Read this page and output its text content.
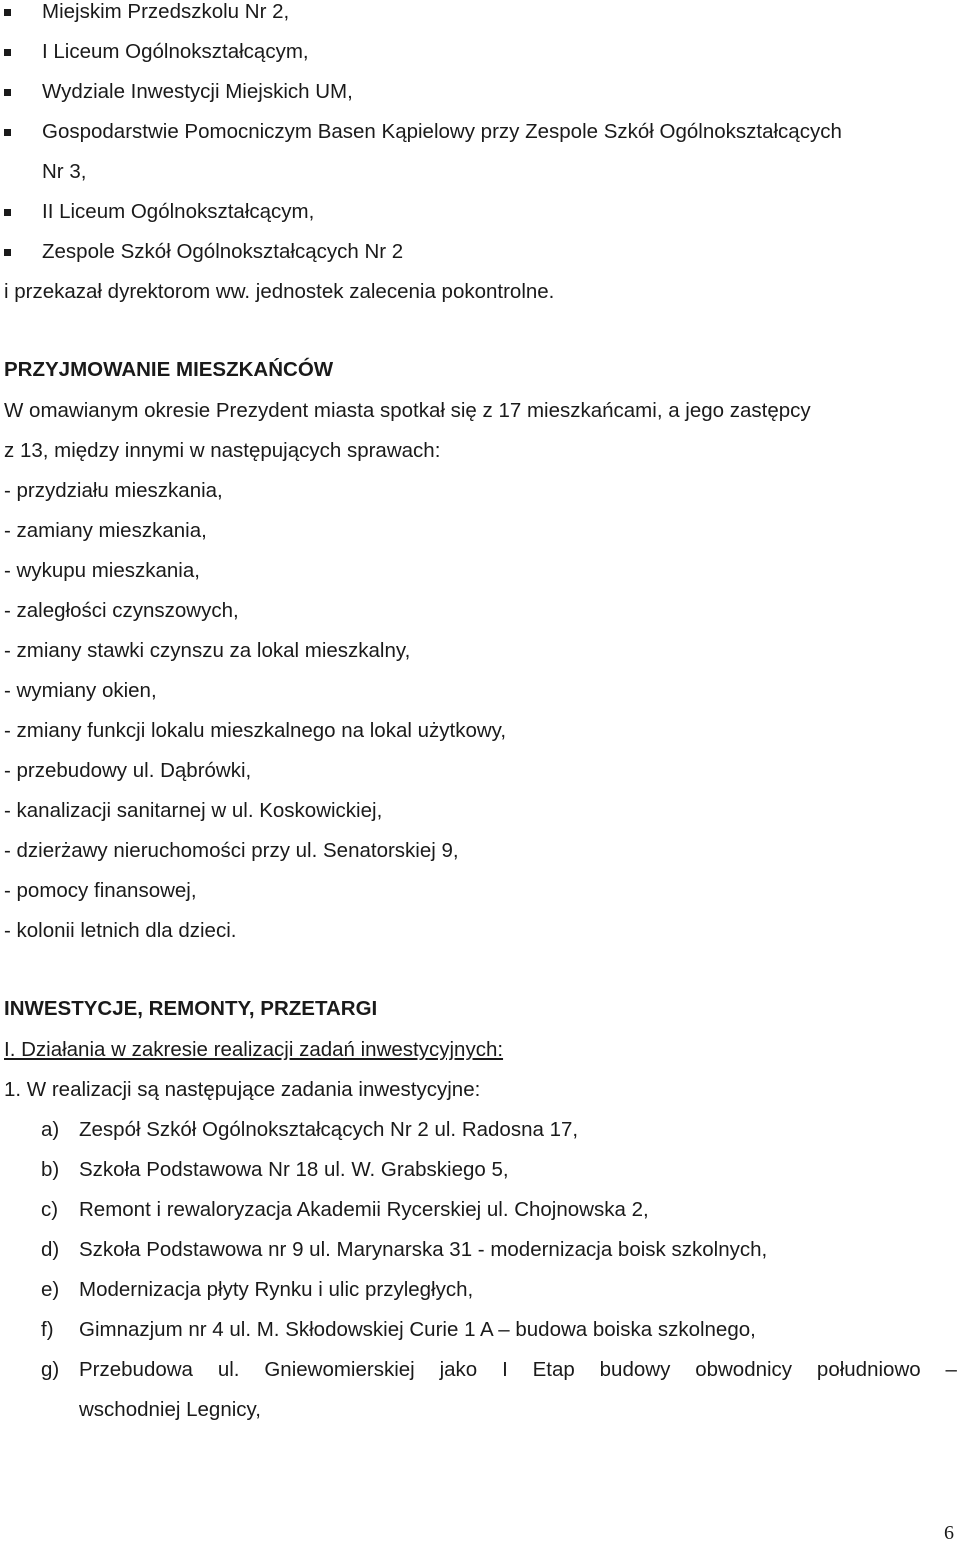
Miejskim Przedszkolu Nr 2,
I Liceum Ogólnokształcącym,
Wydziale Inwestycji Miejskich UM,
Gospodarstwie Pomocniczym Basen Kąpielowy przy Zespole Szkół Ogólnokształcących
Nr 3,
II Liceum Ogólnokształcącym,
Zespole Szkół Ogólnokształcących Nr 2
i przekazał dyrektorom ww. jednostek zalecenia pokontrolne.
PRZYJMOWANIE MIESZKAŃCÓW
W omawianym okresie Prezydent miasta spotkał się z 17 mieszkańcami, a jego zastępcy
z 13, między innymi w następujących sprawach:
- przydziału mieszkania,
- zamiany mieszkania,
- wykupu mieszkania,
- zaległości czynszowych,
- zmiany stawki czynszu za lokal mieszkalny,
- wymiany okien,
- zmiany funkcji lokalu mieszkalnego na lokal użytkowy,
- przebudowy ul. Dąbrówki,
- kanalizacji sanitarnej w ul. Koskowickiej,
- dzierżawy nieruchomości przy ul. Senatorskiej 9,
- pomocy finansowej,
- kolonii letnich dla dzieci.
INWESTYCJE, REMONTY, PRZETARGI
I. Działania w zakresie realizacji zadań inwestycyjnych:
1. W realizacji są następujące zadania inwestycyjne:
a) Zespół Szkół Ogólnokształcących Nr 2 ul. Radosna 17,
b) Szkoła Podstawowa Nr 18 ul. W. Grabskiego 5,
c) Remont i rewaloryzacja Akademii Rycerskiej ul. Chojnowska 2,
d) Szkoła Podstawowa nr 9 ul. Marynarska 31 - modernizacja boisk szkolnych,
e) Modernizacja płyty Rynku i ulic przyległych,
f) Gimnazjum nr 4 ul. M. Skłodowskiej Curie 1 A – budowa boiska szkolnego,
g) Przebudowa ul. Gniewomierskiej jako I Etap budowy obwodnicy południowo –
wschodniej Legnicy,
6
